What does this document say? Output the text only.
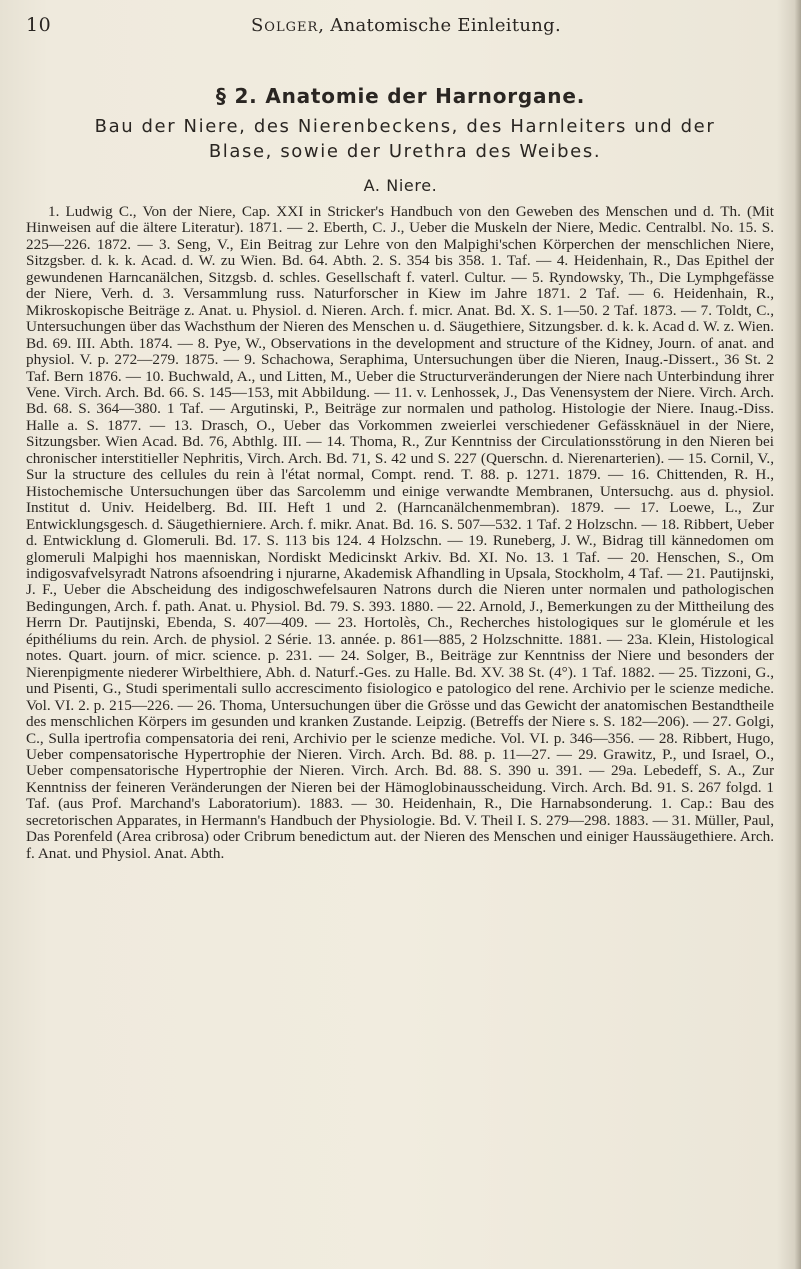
10	Solger, Anatomische Einleitung.
§ 2. Anatomie der Harnorgane.
Bau der Niere, des Nierenbeckens, des Harnleiters und der Blase, sowie der Urethra des Weibes.
A. Niere.
1. Ludwig C., Von der Niere, Cap. XXI in Stricker's Handbuch von den Geweben des Menschen und d. Th. (Mit Hinweisen auf die ältere Literatur). 1871. — 2. Eberth, C. J., Ueber die Muskeln der Niere, Medic. Centralbl. No. 15. S. 225—226. 1872. — 3. Seng, V., Ein Beitrag zur Lehre von den Malpighi'schen Körperchen der menschlichen Niere, Sitzgsber. d. k. k. Acad. d. W. zu Wien. Bd. 64. Abth. 2. S. 354 bis 358. 1. Taf. — 4. Heidenhain, R., Das Epithel der gewundenen Harncanälchen, Sitzgsb. d. schles. Gesellschaft f. vaterl. Cultur. — 5. Ryndowsky, Th., Die Lymphgefässe der Niere, Verh. d. 3. Versammlung russ. Naturforscher in Kiew im Jahre 1871. 2 Taf. — 6. Heidenhain, R., Mikroskopische Beiträge z. Anat. u. Physiol. d. Nieren. Arch. f. micr. Anat. Bd. X. S. 1—50. 2 Taf. 1873. — 7. Toldt, C., Untersuchungen über das Wachsthum der Nieren des Menschen u. d. Säugethiere, Sitzungsber. d. k. k. Acad d. W. z. Wien. Bd. 69. III. Abth. 1874. — 8. Pye, W., Observations in the development and structure of the Kidney, Journ. of anat. and physiol. V. p. 272—279. 1875. — 9. Schachowa, Seraphima, Untersuchungen über die Nieren, Inaug.-Dissert., 36 St. 2 Taf. Bern 1876. — 10. Buchwald, A., und Litten, M., Ueber die Structurveränderungen der Niere nach Unterbindung ihrer Vene. Virch. Arch. Bd. 66. S. 145—153, mit Abbildung. — 11. v. Lenhossek, J., Das Venensystem der Niere. Virch. Arch. Bd. 68. S. 364—380. 1 Taf. — Argutinski, P., Beiträge zur normalen und patholog. Histologie der Niere. Inaug.-Diss. Halle a. S. 1877. — 13. Drasch, O., Ueber das Vorkommen zweierlei verschiedener Gefässknäuel in der Niere, Sitzungsber. Wien Acad. Bd. 76, Abthlg. III. — 14. Thoma, R., Zur Kenntniss der Circulationsstörung in den Nieren bei chronischer interstitieller Nephritis, Virch. Arch. Bd. 71, S. 42 und S. 227 (Querschn. d. Nierenarterien). — 15. Cornil, V., Sur la structure des cellules du rein à l'état normal, Compt. rend. T. 88. p. 1271. 1879. — 16. Chittenden, R. H., Histochemische Untersuchungen über das Sarcolemm und einige verwandte Membranen, Untersuchg. aus d. physiol. Institut d. Univ. Heidelberg. Bd. III. Heft 1 und 2. (Harncanälchenmembran). 1879. — 17. Loewe, L., Zur Entwicklungsgesch. d. Säugethierniere. Arch. f. mikr. Anat. Bd. 16. S. 507—532. 1 Taf. 2 Holzschn. — 18. Ribbert, Ueber d. Entwicklung d. Glomeruli. Bd. 17. S. 113 bis 124. 4 Holzschn. — 19. Runeberg, J. W., Bidrag till kännedomen om glomeruli Malpighi hos maenniskan, Nordiskt Medicinskt Arkiv. Bd. XI. No. 13. 1 Taf. — 20. Henschen, S., Om indigosvafvelsyradt Natrons afsoendring i njurarne, Akademisk Afhandling in Upsala, Stockholm, 4 Taf. — 21. Pautijnski, J. F., Ueber die Abscheidung des indigoschwefelsauren Natrons durch die Nieren unter normalen und pathologischen Bedingungen, Arch. f. path. Anat. u. Physiol. Bd. 79. S. 393. 1880. — 22. Arnold, J., Bemerkungen zu der Mittheilung des Herrn Dr. Pautijnski, Ebenda, S. 407—409. — 23. Hortolès, Ch., Recherches histologiques sur le glomérule et les épithéliums du rein. Arch. de physiol. 2 Série. 13. année. p. 861—885, 2 Holzschnitte. 1881. — 23a. Klein, Histological notes. Quart. journ. of micr. science. p. 231. — 24. Solger, B., Beiträge zur Kenntniss der Niere und besonders der Nierenpigmente niederer Wirbelthiere, Abh. d. Naturf.-Ges. zu Halle. Bd. XV. 38 St. (4°). 1 Taf. 1882. — 25. Tizzoni, G., und Pisenti, G., Studi sperimentali sullo accrescimento fisiologico e patologico del rene. Archivio per le scienze mediche. Vol. VI. 2. p. 215—226. — 26. Thoma, Untersuchungen über die Grösse und das Gewicht der anatomischen Bestandtheile des menschlichen Körpers im gesunden und kranken Zustande. Leipzig. (Betreffs der Niere s. S. 182—206). — 27. Golgi, C., Sulla ipertrofia compensatoria dei reni, Archivio per le scienze mediche. Vol. VI. p. 346—356. — 28. Ribbert, Hugo, Ueber compensatorische Hypertrophie der Nieren. Virch. Arch. Bd. 88. p. 11—27. — 29. Grawitz, P., und Israel, O., Ueber compensatorische Hypertrophie der Nieren. Virch. Arch. Bd. 88. S. 390 u. 391. — 29a. Lebedeff, S. A., Zur Kenntniss der feineren Veränderungen der Nieren bei der Hämoglobinausscheidung. Virch. Arch. Bd. 91. S. 267 folgd. 1 Taf. (aus Prof. Marchand's Laboratorium). 1883. — 30. Heidenhain, R., Die Harnabsonderung. 1. Cap.: Bau des secretorischen Apparates, in Hermann's Handbuch der Physiologie. Bd. V. Theil I. S. 279—298. 1883. — 31. Müller, Paul, Das Porenfeld (Area cribrosa) oder Cribrum benedictum aut. der Nieren des Menschen und einiger Haussäugethiere. Arch. f. Anat. und Physiol. Anat. Abth.
